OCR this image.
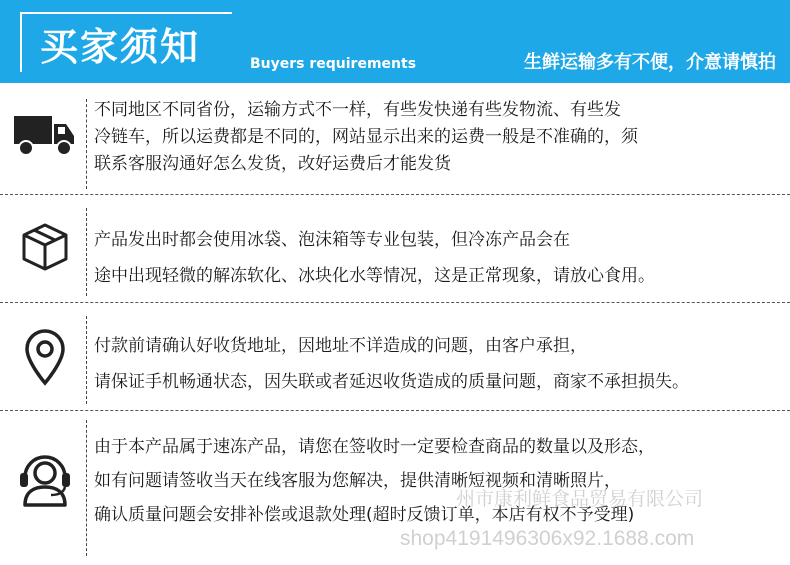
买家须知	Buyers requirements	生鲜运输多有不便，介意请慎拍
不同地区不同省份，运输方式不一样，有些发快递有些发物流、有些发
冷链车，所以运费都是不同的，网站显示出来的运费一般是不准确的，须
联系客服沟通好怎么发货，改好运费后才能发货
产品发出时都会使用冰袋、泡沫箱等专业包装，但冷冻产品会在
途中出现轻微的解冻软化、冰块化水等情况，这是正常现象，请放心食用。
付款前请确认好收货地址，因地址不详造成的问题，由客户承担，
请保证手机畅通状态，因失联或者延迟收货造成的质量问题，商家不承担损失。
由于本产品属于速冻产品，请您在签收时一定要检查商品的数量以及形态，
如有问题请签收当天在线客服为您解决，提供清晰短视频和清晰照片，
确认质量问题会安排补偿或退款处理(超时反馈订单，本店有权不予受理)
州市康利鲜食品贸易有限公司
shop4191496306x92.1688.com
